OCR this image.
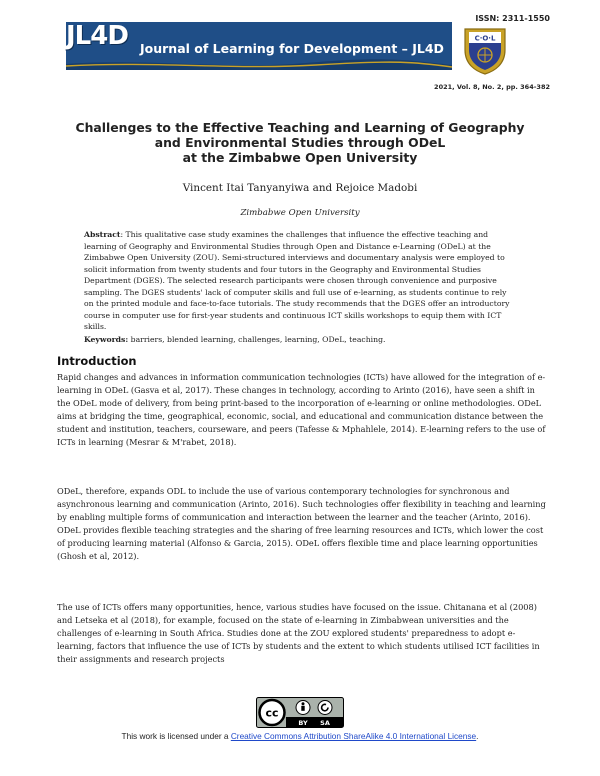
JL4D Journal of Learning for Development – JL4D
ISSN: 2311-1550
C·O·L
2021, Vol. 8, No. 2, pp. 364-382
Challenges to the Effective Teaching and Learning of Geography
and Environmental Studies through ODeL
at the Zimbabwe Open University
Vincent Itai Tanyanyiwa and Rejoice Madobi
Zimbabwe Open University
Abstract: This qualitative case study examines the challenges that influence the effective teaching and learning of Geography and Environmental Studies through Open and Distance e-Learning (ODeL) at the Zimbabwe Open University (ZOU). Semi-structured interviews and documentary analysis were employed to solicit information from twenty students and four tutors in the Geography and Environmental Studies Department (DGES). The selected research participants were chosen through convenience and purposive sampling. The DGES students' lack of computer skills and full use of e-learning, as students continue to rely on the printed module and face-to-face tutorials. The study recommends that the DGES offer an introductory course in computer use for first-year students and continuous ICT skills workshops to equip them with ICT skills.
Keywords: barriers, blended learning, challenges, learning, ODeL, teaching.
Introduction
Rapid changes and advances in information communication technologies (ICTs) have allowed for the integration of e-learning in ODeL (Gasva et al, 2017). These changes in technology, according to Arinto (2016), have seen a shift in the ODeL mode of delivery, from being print-based to the incorporation of e-learning or online methodologies. ODeL aims at bridging the time, geographical, economic, social, and educational and communication distance between the student and institution, teachers, courseware, and peers (Tafesse & Mphahlele, 2014). E-learning refers to the use of ICTs in learning (Mesrar & M'rabet, 2018).
ODeL, therefore, expands ODL to include the use of various contemporary technologies for synchronous and asynchronous learning and communication (Arinto, 2016). Such technologies offer flexibility in teaching and learning by enabling multiple forms of communication and interaction between the learner and the teacher (Arinto, 2016). ODeL provides flexible teaching strategies and the sharing of free learning resources and ICTs, which lower the cost of producing learning material (Alfonso & Garcia, 2015). ODeL offers flexible time and place learning opportunities (Ghosh et al, 2012).
The use of ICTs offers many opportunities, hence, various studies have focused on the issue. Chitanana et al (2008) and Letseka et al (2018), for example, focused on the state of e-learning in Zimbabwean universities and the challenges of e-learning in South Africa. Studies done at the ZOU explored students' preparedness to adopt e-learning, factors that influence the use of ICTs by students and the extent to which students utilised ICT facilities in their assignments and research projects
cc
BY SA
This work is licensed under a Creative Commons Attribution ShareAlike 4.0 International License.
